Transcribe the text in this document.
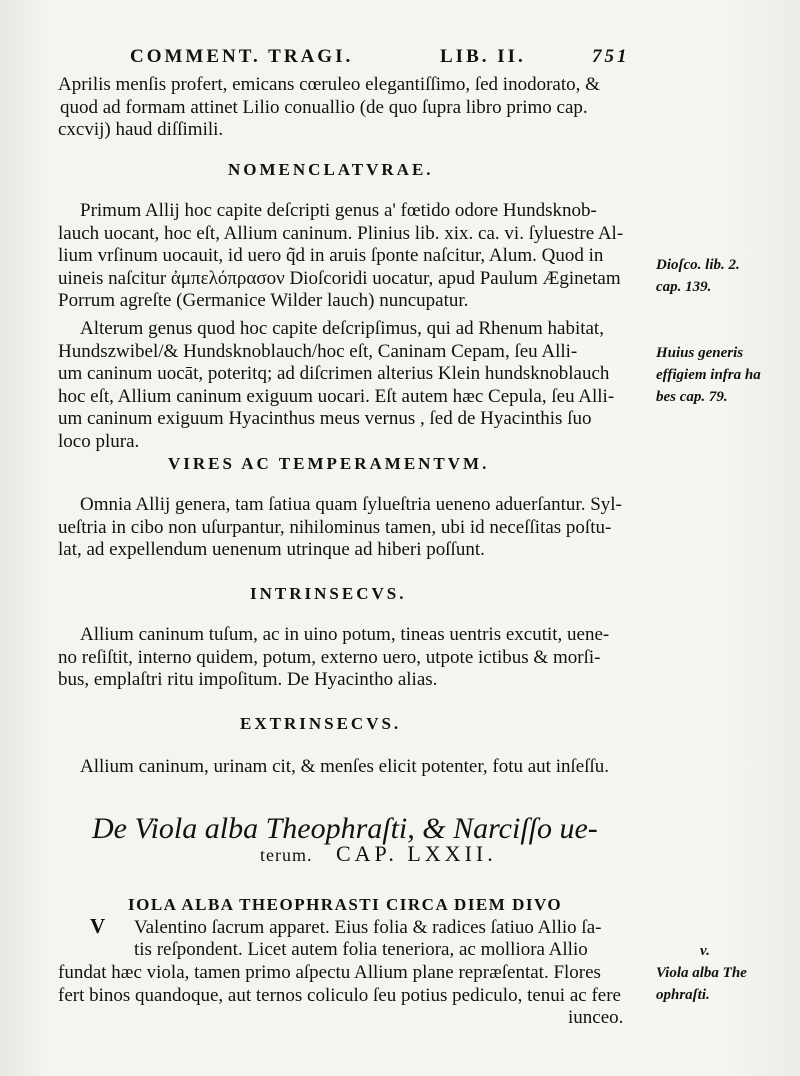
COMMENT. TRAGI.	LIB. II.	751
Aprilis menſis profert, emicans cœruleo elegantiſſimo, ſed inodorato, &
quod ad formam attinet Lilio conuallio (de quo ſupra libro primo cap.
cxcvij) haud diſſimili.
NOMENCLATVRAE.
Primum Allij hoc capite deſcripti genus a' fœtido odore Hundsknob-
lauch uocant, hoc eſt, Allium caninum. Plinius lib. xix. ca. vi. ſyluestre Al-
lium vrſinum uocauit, id uero q̃d in aruis ſponte naſcitur, Alum. Quod in
uineis naſcitur ἀμπελόπρασον Dioſcoridi uocatur, apud Paulum Æginetam
Porrum agreſte (Germanice Wilder lauch) nuncupatur.
Alterum genus quod hoc capite deſcripſimus, qui ad Rhenum habitat,
Hundszwibel/& Hundsknoblauch/hoc eſt, Caninam Cepam, ſeu Alli-
um caninum uocāt, poteritq; ad diſcrimen alterius Klein hundsknoblauch
hoc eſt, Allium caninum exiguum uocari. Eſt autem hæc Cepula, ſeu Alli-
um caninum exiguum Hyacinthus meus vernus , ſed de Hyacinthis ſuo
loco plura.
VIRES AC TEMPERAMENTVM.
Omnia Allij genera, tam ſatiua quam ſylueſtria ueneno aduerſantur. Syl-
ueſtria in cibo non uſurpantur, nihilominus tamen, ubi id neceſſitas poſtu-
lat, ad expellendum uenenum utrinque ad hiberi poſſunt.
INTRINSECVS.
Allium caninum tuſum, ac in uino potum, tineas uentris excutit, uene-
no reſiſtit, interno quidem, potum, externo uero, utpote ictibus & morſi-
bus, emplaſtri ritu impoſitum. De Hyacintho alias.
EXTRINSECVS.
Allium caninum, urinam cit, & menſes elicit potenter, fotu aut inſeſſu.
De Viola alba Theophraſti, & Narciſſo ue-
terum. CAP. LXXII.
V
IOLA ALBA THEOPHRASTI CIRCA DIEM DIVO
Valentino ſacrum apparet. Eius folia & radices ſatiuo Allio ſa-
tis reſpondent. Licet autem folia teneriora, ac molliora Allio
fundat hæc viola, tamen primo aſpectu Allium plane repræſentat. Flores
fert binos quandoque, aut ternos coliculo ſeu potius pediculo, tenui ac fere
iunceo.
Dioſco. lib. 2.
cap. 139.
Huius generis
effigiem infra ha
bes cap. 79.
v.
Viola alba The
ophraſti.
